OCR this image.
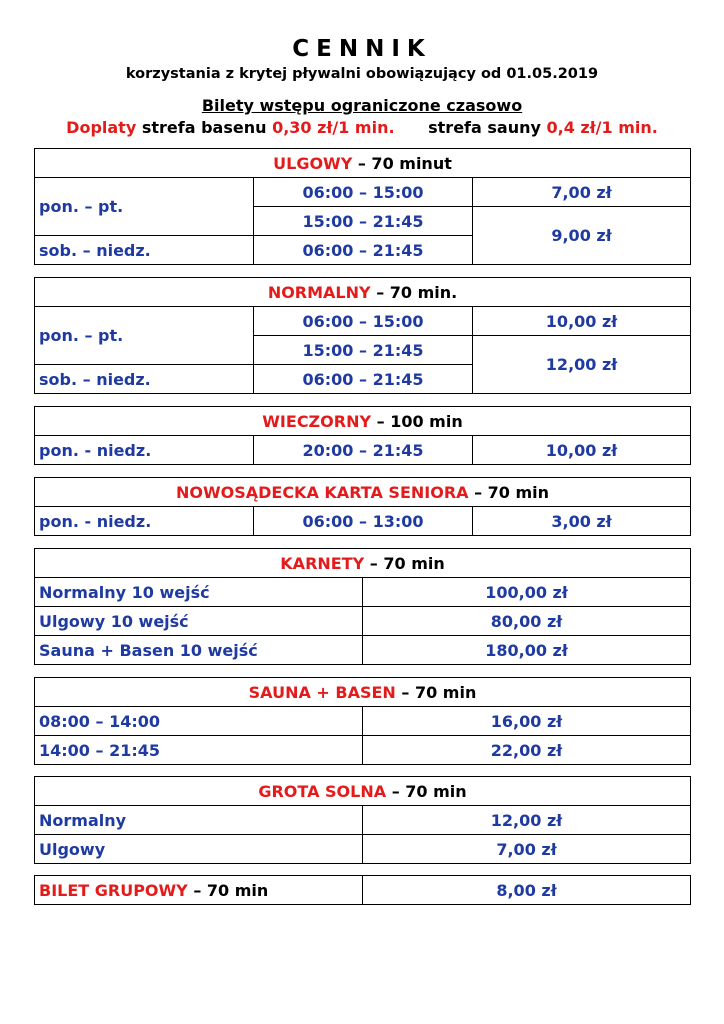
CENNIK
korzystania z krytej pływalni obowiązujący od 01.05.2019
Bilety wstępu ograniczone czasowo
Doplaty strefa basenu 0,30 zł/1 min. strefa sauny 0,4 zł/1 min.
ULGOWY – 70 minut		
pon. – pt.	06:00 – 15:00	7,00 zł
	15:00 – 21:45	9,00 zł
sob. – niedz.	06:00 – 21:45	
NORMALNY – 70 min.		
pon. – pt.	06:00 – 15:00	10,00 zł
	15:00 – 21:45	12,00 zł
sob. – niedz.	06:00 – 21:45	
WIECZORNY – 100 min
pon. - niedz.	20:00 – 21:45	10,00 zł
NOWOSĄDECKA KARTA SENIORA – 70 min
pon. - niedz.	06:00 – 13:00	3,00 zł
KARNETY – 70 min	
Normalny 10 wejść	100,00 zł
Ulgowy 10 wejść	80,00 zł
Sauna + Basen 10 wejść	180,00 zł
SAUNA + BASEN – 70 min	
08:00 – 14:00	16,00 zł
14:00 – 21:45	22,00 zł
GROTA SOLNA – 70 min	
Normalny	12,00 zł
Ulgowy	7,00 zł
BILET GRUPOWY – 70 min	8,00 zł
